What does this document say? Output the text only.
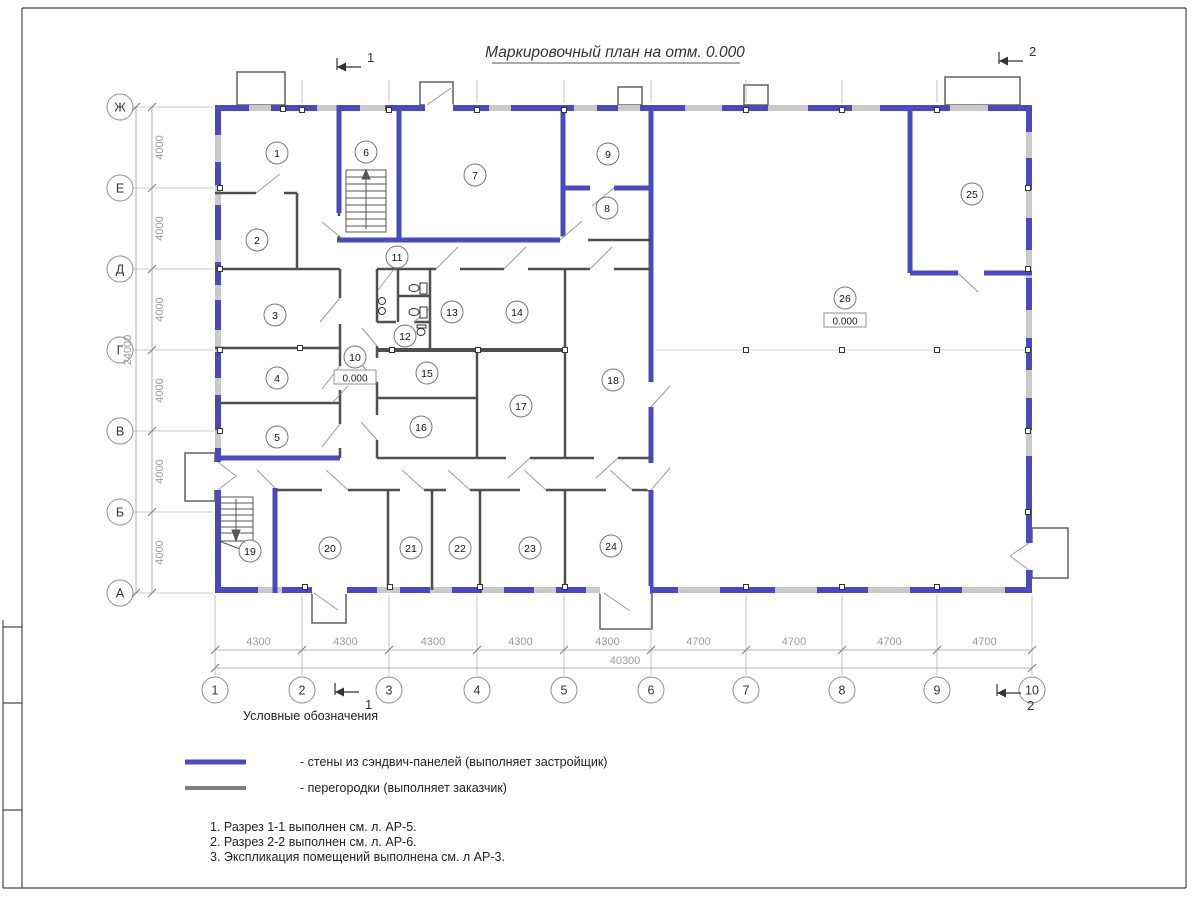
Маркировочный план на отм. 0.000
Ж
Е
Д
Г
В
Б
А
1	2	3	4	5	6	7	8	9	10
4300	4300	4300	4300	4300	4700	4700	4700	4700
40300
4000
4000
4000
4000
4000
4000
24000
1
2
3
4
5
6
7
8
9
10
11
12
13	14
15
16
17
18
19	20	21	22	23	24
25
26
0.000
0.000
1
1
2
2
Условные обозначения
- стены из сэндвич-панелей (выполняет застройщик)
- перегородки (выполняет заказчик)
1. Разрез 1-1 выполнен см. л. АР-5.
2. Разрез 2-2 выполнен см. л. АР-6.
3. Экспликация помещений выполнена см. л АР-3.
